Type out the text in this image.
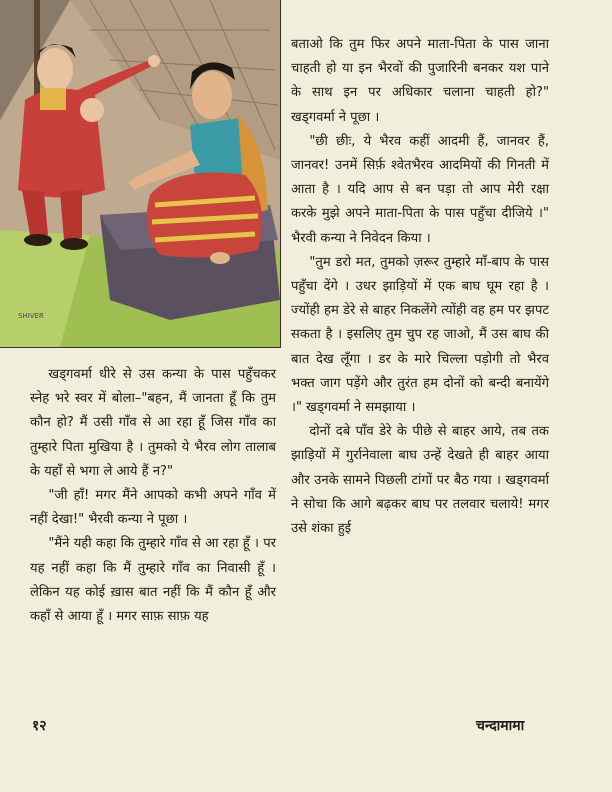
SHIVER

बताओ कि तुम फिर अपने माता-पिता के पास जाना चाहती हो या इन भैरवों की पुजारिनी बनकर यश पाने के साथ इन पर अधिकार चलाना चाहती हो?" खड्गवर्मा ने पूछा ।

"छी छीः, ये भैरव कहीं आदमी हैं, जानवर हैं, जानवर! उनमें सिर्फ़ श्वेतभैरव आदमियों की गिनती में आता है । यदि आप से बन पड़ा तो आप मेरी रक्षा करके मुझे अपने माता-पिता के पास पहुँचा दीजिये ।" भैरवी कन्या ने निवेदन किया ।

"तुम डरो मत, तुमको ज़रूर तुम्हारे माँ-बाप के पास पहुँचा देंगे । उधर झाड़ियों में एक बाघ घूम रहा है । ज्योंही हम डेरे से बाहर निकलेंगे त्योंही वह हम पर झपट सकता है । इसलिए तुम चुप रह जाओ, मैं उस बाघ की बात देख लूँगा । डर के मारे चिल्ला पड़ोगी तो भैरव भक्त जाग पड़ेंगे और तुरंत हम दोनों को बन्दी बनायेंगे ।" खड्गवर्मा ने समझाया ।

दोनों दबे पाँव डेरे के पीछे से बाहर आये, तब तक झाड़ियों में गुर्रानेवाला बाघ उन्हें देखते ही बाहर आया और उनके सामने पिछली टांगों पर बैठ गया । खड्गवर्मा ने सोचा कि आगे बढ़कर बाघ पर तलवार चलाये! मगर उसे शंका हुई

खड्गवर्मा धीरे से उस कन्या के पास पहुँचकर स्नेह भरे स्वर में बोला–"बहन, मैं जानता हूँ कि तुम कौन हो? मैं उसी गाँव से आ रहा हूँ जिस गाँव का तुम्हारे पिता मुखिया है । तुमको ये भैरव लोग तालाब के यहाँ से भगा ले आये हैं न?"

"जी हाँ! मगर मैंने आपको कभी अपने गाँव में नहीं देखा!" भैरवी कन्या ने पूछा ।

"मैंने यही कहा कि तुम्हारे गाँव से आ रहा हूँ । पर यह नहीं कहा कि मैं तुम्हारे गाँव का निवासी हूँ । लेकिन यह कोई ख़ास बात नहीं कि मैं कौन हूँ और कहाँ से आया हूँ । मगर साफ़ साफ़ यह

१२	चन्दामामा
